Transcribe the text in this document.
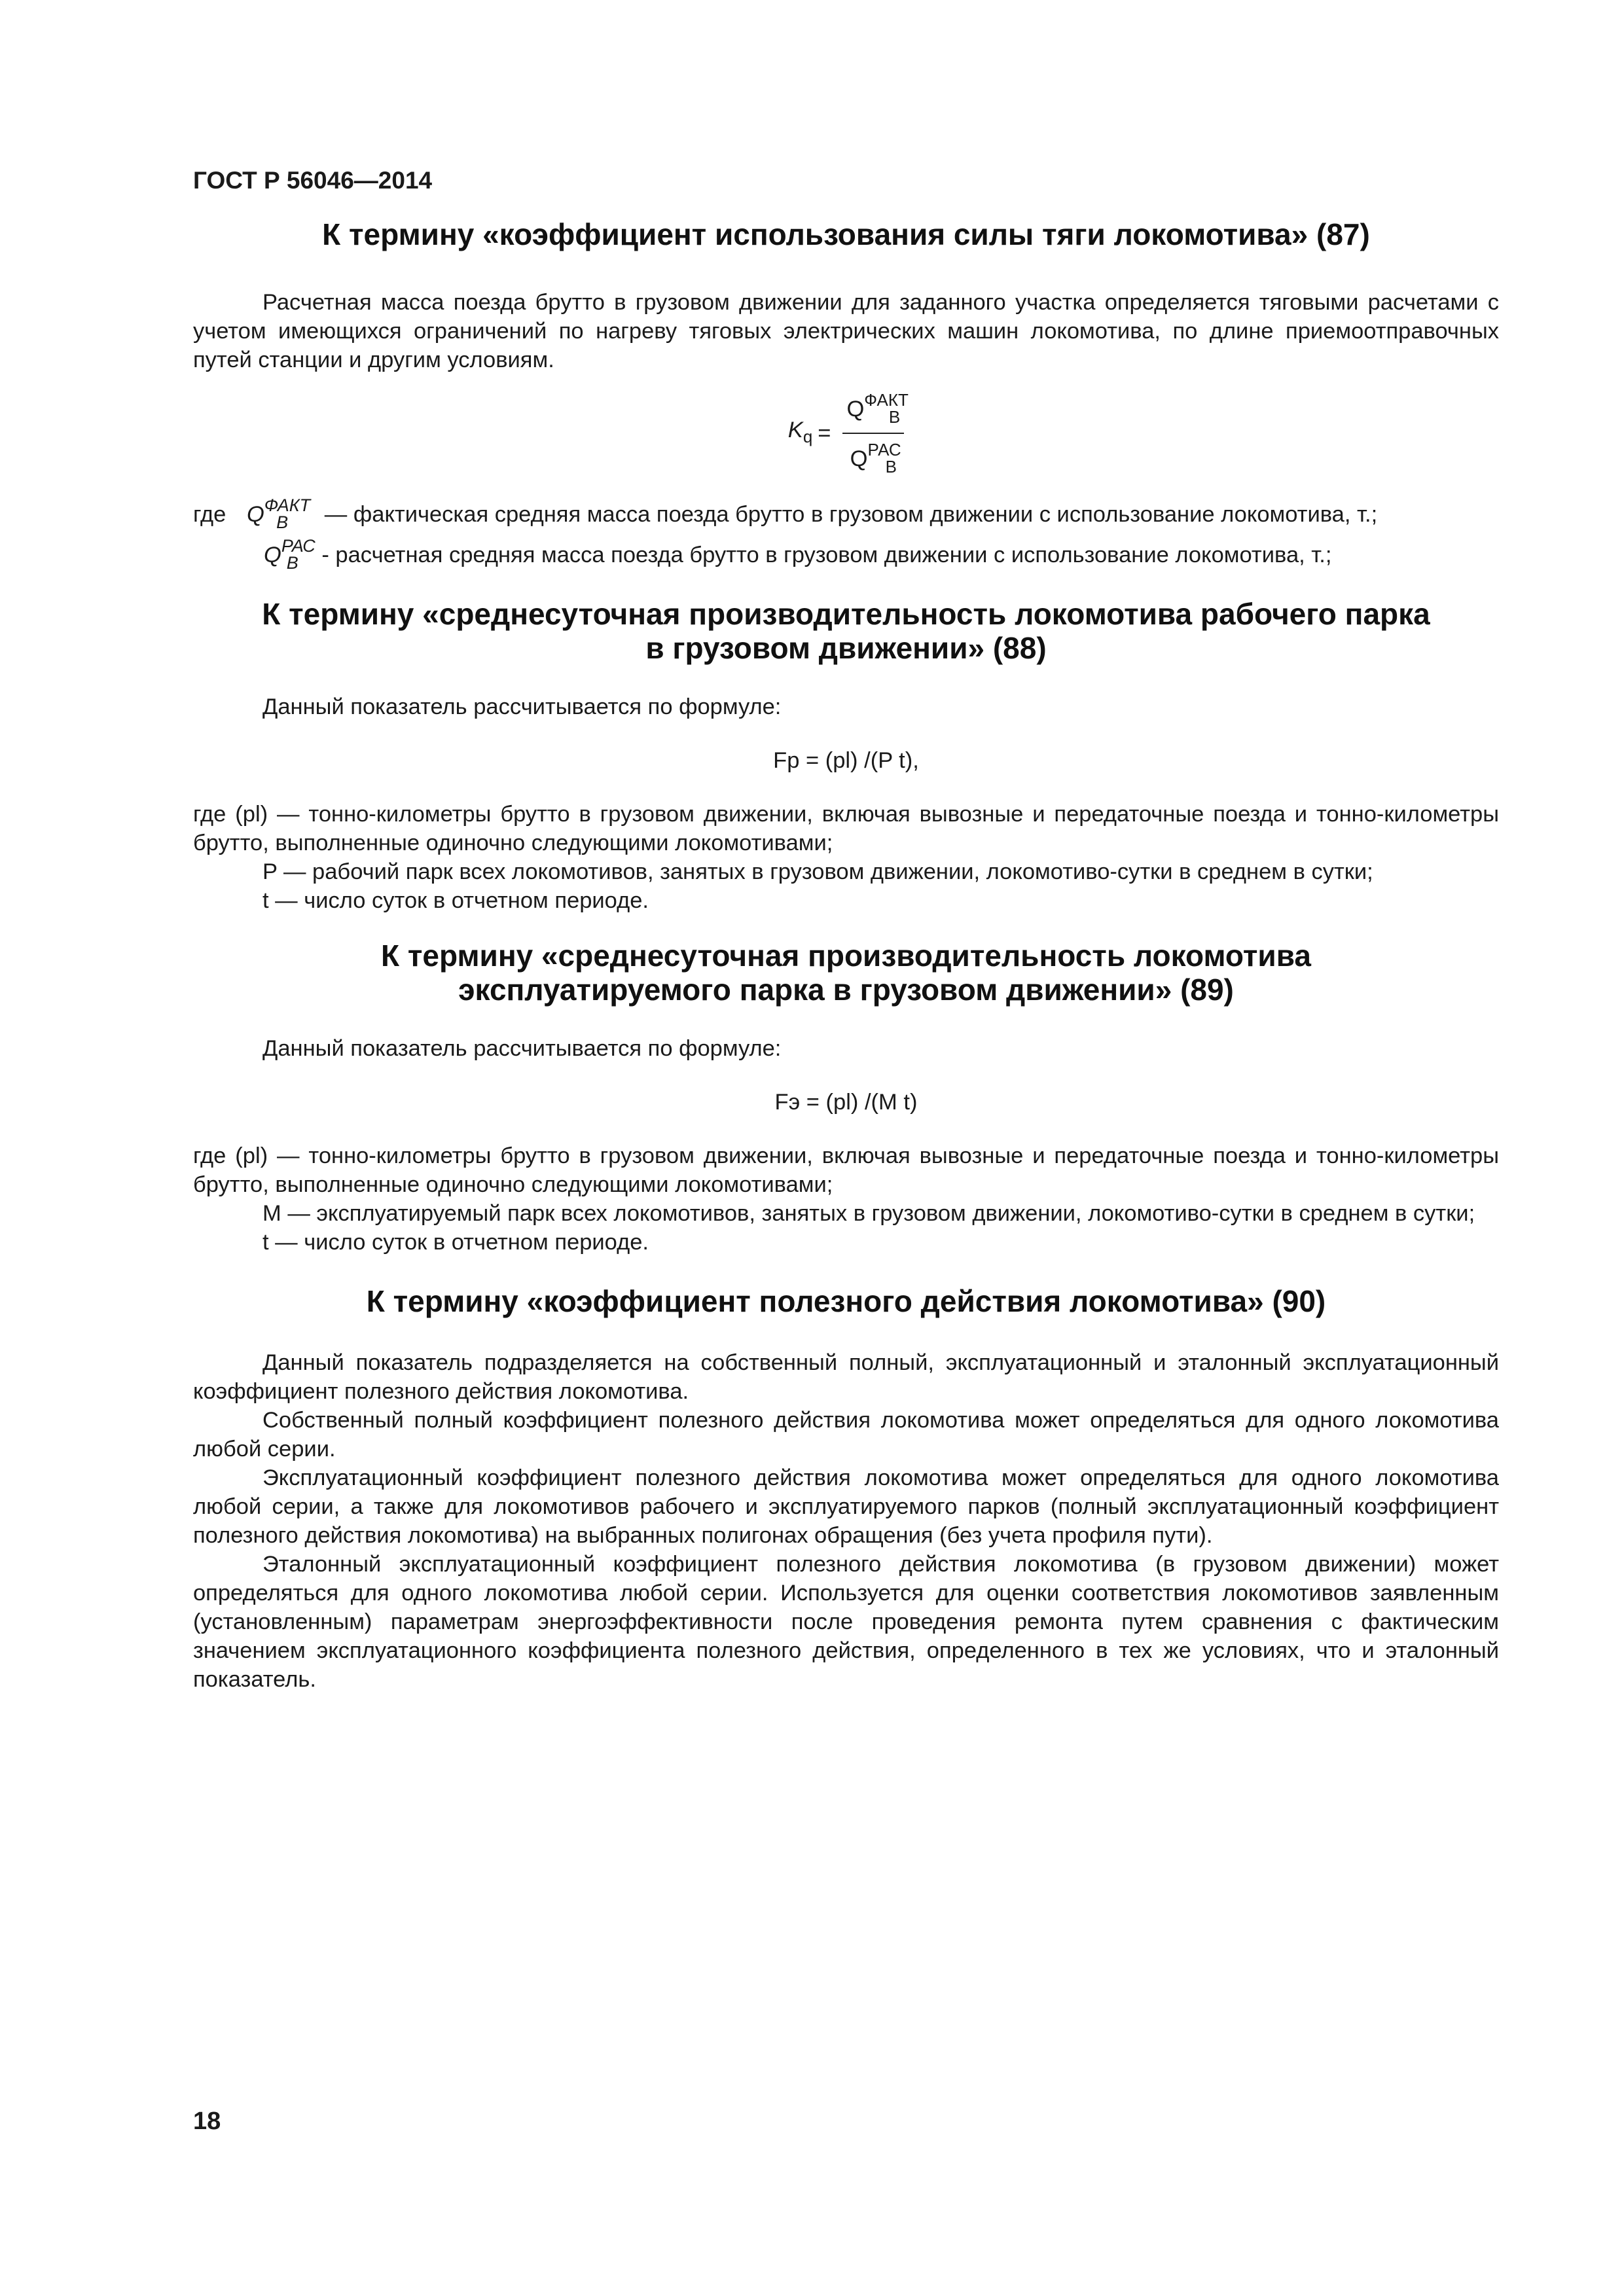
ГОСТ Р 56046—2014
К термину «коэффициент использования силы тяги локомотива» (87)

Расчетная масса поезда брутто в грузовом движении для заданного участка определяется тяговыми расчетами с учетом имеющихся ограничений по нагреву тяговых электрических машин локомотива, по длине приемоотправочных путей станции и другим условиям.

$K_q = \frac{Q^{ФАКТ}_В}{Q^{РАС}_В}$
где $Q^{ФАКТ}_B$ — фактическая средняя масса поезда брутто в грузовом движении с использование локомотива, т.;
$Q^{РАС}_B$ - расчетная средняя масса поезда брутто в грузовом движении с использование локомотива, т.;
К термину «среднесуточная производительность локомотива рабочего парка
в грузовом движении» (88)

Данный показатель рассчитывается по формуле:

Fр = (pl) /(P t),

где (pl) — тонно-километры брутто в грузовом движении, включая вывозные и передаточные поезда и тонно-километры брутто, выполненные одиночно следующими локомотивами;

P — рабочий парк всех локомотивов, занятых в грузовом движении, локомотиво-сутки в среднем в сутки;

t — число суток в отчетном периоде.

К термину «среднесуточная производительность локомотива
эксплуатируемого парка в грузовом движении» (89)

Данный показатель рассчитывается по формуле:

Fэ = (pl) /(M t)

где (pl) — тонно-километры брутто в грузовом движении, включая вывозные и передаточные поезда и тонно-километры брутто, выполненные одиночно следующими локомотивами;

M — эксплуатируемый парк всех локомотивов, занятых в грузовом движении, локомотиво-сутки в среднем в сутки;

t — число суток в отчетном периоде.

К термину «коэффициент полезного действия локомотива» (90)

Данный показатель подразделяется на собственный полный, эксплуатационный и эталонный эксплуатационный коэффициент полезного действия локомотива.

Собственный полный коэффициент полезного действия локомотива может определяться для одного локомотива любой серии.

Эксплуатационный коэффициент полезного действия локомотива может определяться для одного локомотива любой серии, а также для локомотивов рабочего и эксплуатируемого парков (полный эксплуатационный коэффициент полезного действия локомотива) на выбранных полигонах обращения (без учета профиля пути).

Эталонный эксплуатационный коэффициент полезного действия локомотива (в грузовом движении) может определяться для одного локомотива любой серии. Используется для оценки соответствия локомотивов заявленным (установленным) параметрам энергоэффективности после проведения ремонта путем сравнения с фактическим значением эксплуатационного коэффициента полезного действия, определенного в тех же условиях, что и эталонный показатель.

18
